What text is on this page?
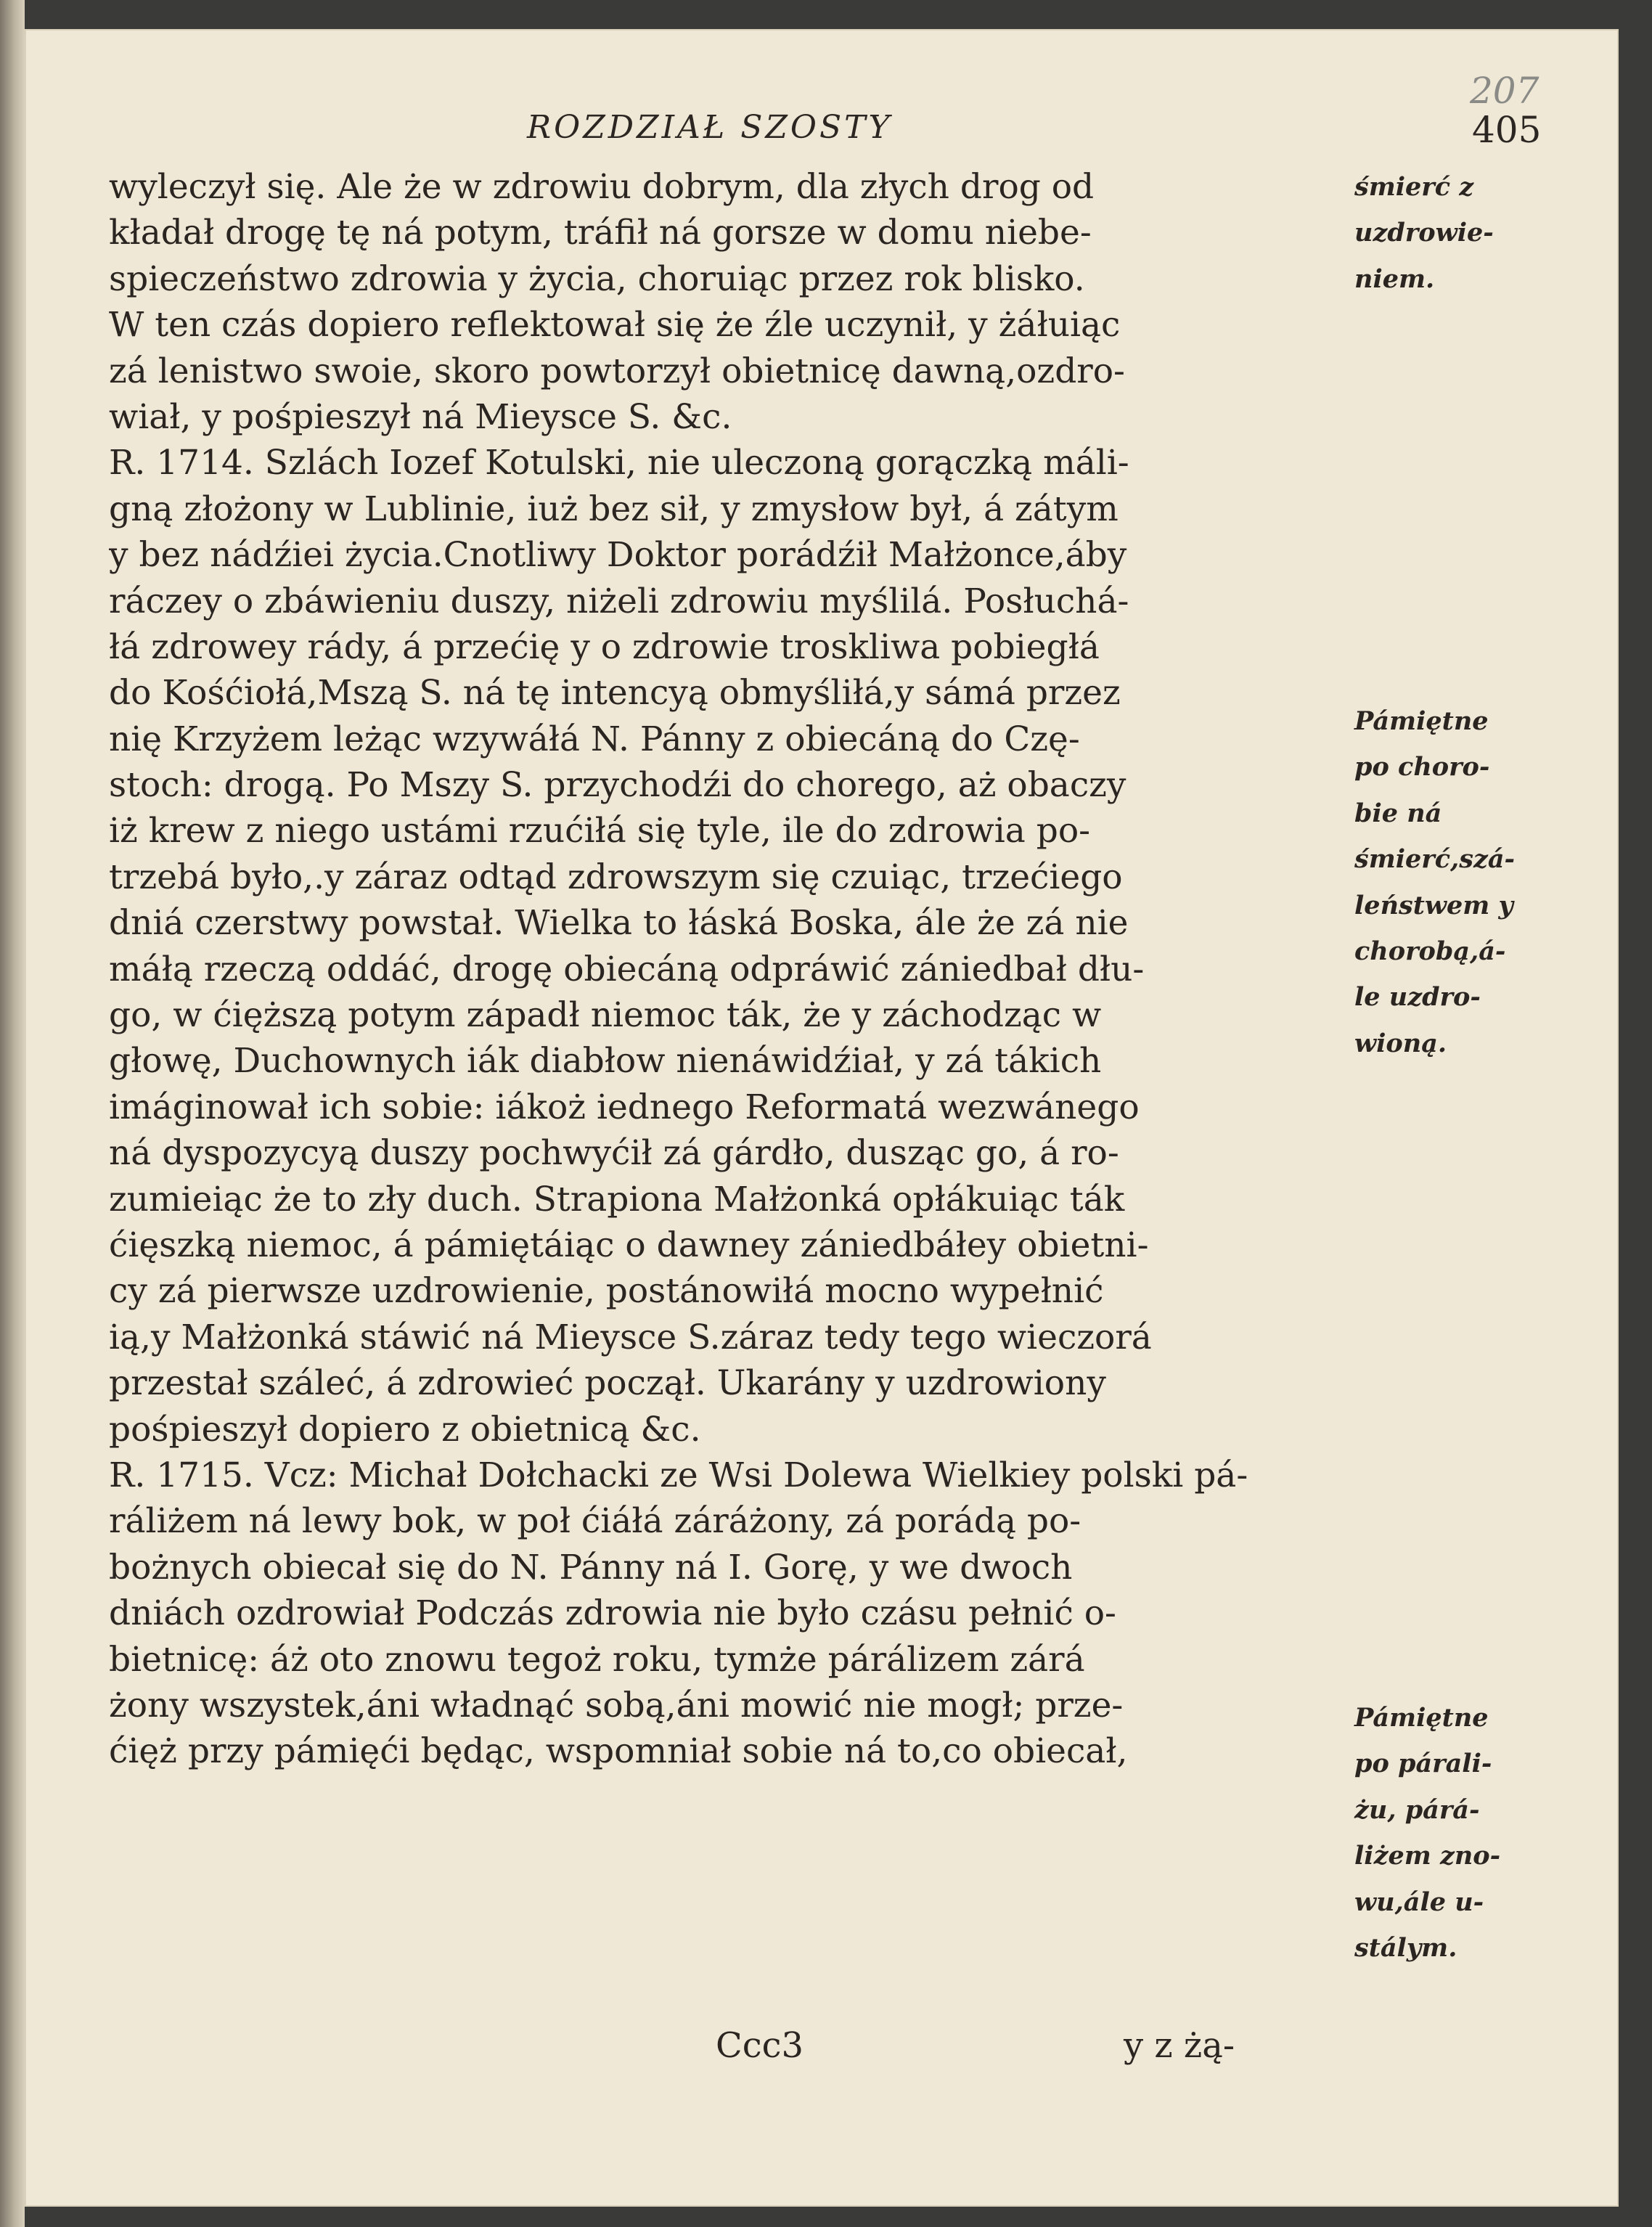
207
ROZDZIAŁ SZOSTY	405
wyleczył się. Ale że w zdrowiu dobrym, dla złych drog od
kładał drogę tę ná potym, tráfił ná gorsze w domu niebe-
spieczeństwo zdrowia y życia, choruiąc przez rok blisko.
W ten czás dopiero reflektował się że źle uczynił, y żáłuiąc
zá lenistwo swoie, skoro powtorzył obietnicę dawną,ozdro-
wiał, y pośpieszył ná Mieysce S. &c.
R. 1714. Szlách Iozef Kotulski, nie uleczoną gorączką máli-
gną złożony w Lublinie, iuż bez sił, y zmysłow był, á zátym
y bez nádźiei życia.Cnotliwy Doktor porádźił Małżonce,áby
ráczey o zbáwieniu duszy, niżeli zdrowiu myślilá. Posłuchá-
łá zdrowey rády, á przećię y o zdrowie troskliwa pobiegłá
do Kośćiołá,Mszą S. ná tę intencyą obmyśliłá,y sámá przez
nię Krzyżem leżąc wzywáłá N. Pánny z obiecáną do Czę-
stoch: drogą. Po Mszy S. przychodźi do chorego, aż obaczy
iż krew z niego ustámi rzućiłá się tyle, ile do zdrowia po-
trzebá było,.y záraz odtąd zdrowszym się czuiąc, trzećiego
dniá czerstwy powstał. Wielka to łáská Boska, ále że zá nie
máłą rzeczą oddáć, drogę obiecáną odpráwić zániedbał dłu-
go, w ćięższą potym západł niemoc ták, że y záchodząc w
głowę, Duchownych iák diabłow nienáwidźiał, y zá tákich
imáginował ich sobie: iákoż iednego Reformatá wezwánego
ná dyspozycyą duszy pochwyćił zá gárdło, dusząc go, á ro-
zumieiąc że to zły duch. Strapiona Małżonká opłákuiąc ták
ćięszką niemoc, á pámiętáiąc o dawney zániedbáłey obietni-
cy zá pierwsze uzdrowienie, postánowiłá mocno wypełnić
ią,y Małżonká stáwić ná Mieysce S.záraz tedy tego wieczorá
przestał száleć, á zdrowieć począł. Ukarány y uzdrowiony
pośpieszył dopiero z obietnicą &c.
R. 1715. Vcz: Michał Dołchacki ze Wsi Dolewa Wielkiey polski pá-
ráliżem ná lewy bok, w poł ćiáłá záráżony, zá porádą po-
bożnych obiecał się do N. Pánny ná I. Gorę, y we dwoch
dniách ozdrowiał Podczás zdrowia nie było czásu pełnić o-
bietnicę: áż oto znowu tegoż roku, tymże párálizem zárá
żony wszystek,áni władnąć sobą,áni mowić nie mogł; prze-
ćięż przy pámięći będąc, wspomniał sobie ná to,co obiecał,
śmierć z
uzdrowie-
niem.
Pámiętne
po choro-
bie ná
śmierć,szá-
leństwem y
chorobą,á-
le uzdro-
wioną.
Pámiętne
po párali-
żu, párá-
liżem zno-
wu,ále u-
stálym.
Ccc3	y z żą-
